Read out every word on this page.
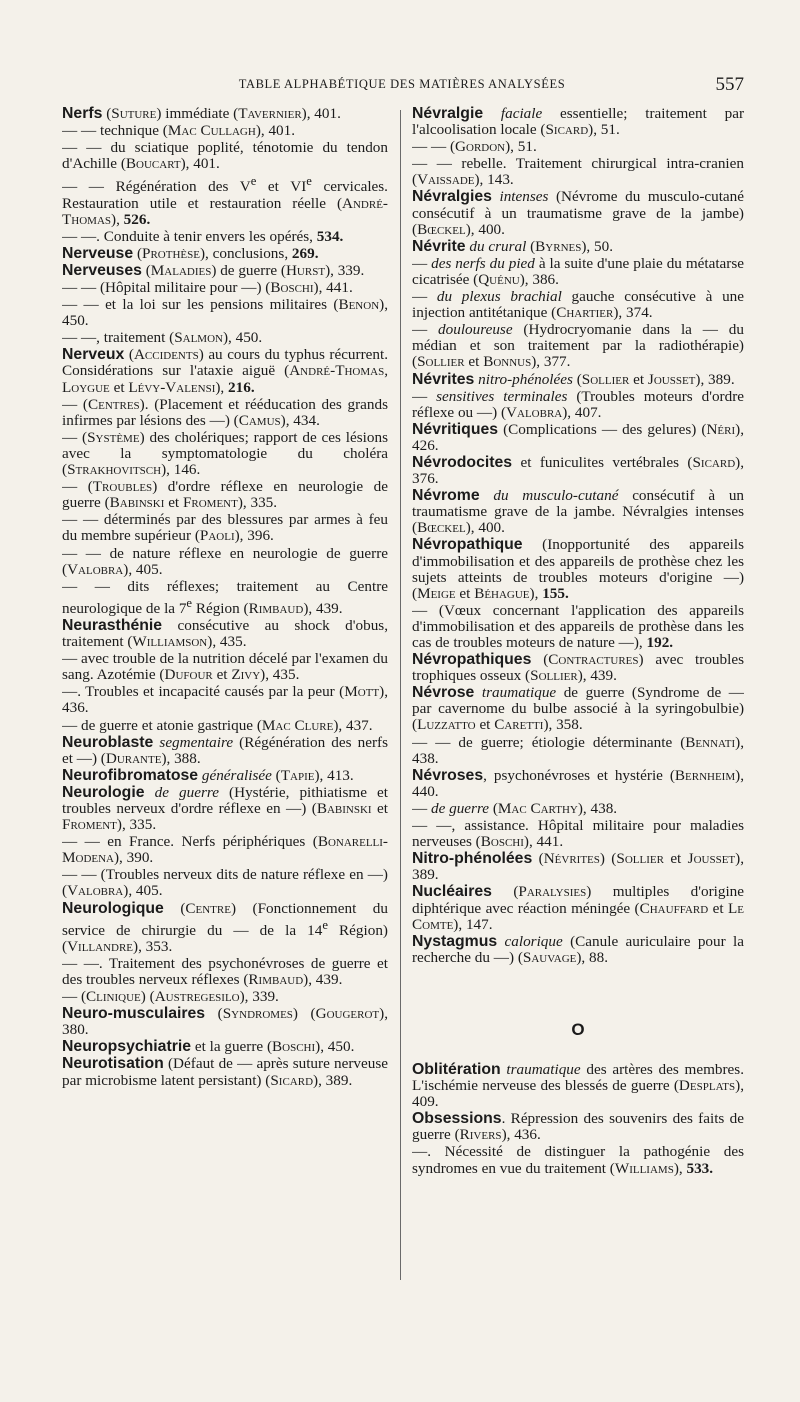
TABLE ALPHABÉTIQUE DES MATIÈRES ANALYSÉES	557
Nerfs (Suture) immédiate (Tavernier), 401.
— — technique (Mac Cullagh), 401.
— — du sciatique poplité, ténotomie du tendon d'Achille (Boucart), 401.
— — Régénération des Ve et VIe cervicales. Restauration utile et restauration réelle (André-Thomas), 526.
— —. Conduite à tenir envers les opérés, 534.
Nerveuse (Prothèse), conclusions, 269.
Nerveuses (Maladies) de guerre (Hurst), 339.
— — (Hôpital militaire pour —) (Boschi), 441.
— — et la loi sur les pensions militaires (Benon), 450.
— —, traitement (Salmon), 450.
Nerveux (Accidents) au cours du typhus récurrent. Considérations sur l'ataxie aiguë (André-Thomas, Loygue et Lévy-Valensi), 216.
— (Centres). (Placement et rééducation des grands infirmes par lésions des —) (Camus), 434.
— (Système) des cholériques; rapport de ces lésions avec la symptomatologie du choléra (Strakhovitsch), 146.
— (Troubles) d'ordre réflexe en neurologie de guerre (Babinski et Froment), 335.
— — déterminés par des blessures par armes à feu du membre supérieur (Paoli), 396.
— — de nature réflexe en neurologie de guerre (Valobra), 405.
— — dits réflexes; traitement au Centre neurologique de la 7e Région (Rimbaud), 439.
Neurasthénie consécutive au shock d'obus, traitement (Williamson), 435.
— avec trouble de la nutrition décelé par l'examen du sang. Azotémie (Dufour et Zivy), 435.
—. Troubles et incapacité causés par la peur (Mott), 436.
— de guerre et atonie gastrique (Mac Clure), 437.
Neuroblaste segmentaire (Régénération des nerfs et —) (Durante), 388.
Neurofibromatose généralisée (Tapie), 413.
Neurologie de guerre (Hystérie, pithiatisme et troubles nerveux d'ordre réflexe en —) (Babinski et Froment), 335.
— — en France. Nerfs périphériques (Bonarelli-Modena), 390.
— — (Troubles nerveux dits de nature réflexe en —) (Valobra), 405.
Neurologique (Centre) (Fonctionnement du service de chirurgie du — de la 14e Région) (Villandre), 353.
— —. Traitement des psychonévroses de guerre et des troubles nerveux réflexes (Rimbaud), 439.
— (Clinique) (Austregesilo), 339.
Neuro-musculaires (Syndromes) (Gougerot), 380.
Neuropsychiatrie et la guerre (Boschi), 450.
Neurotisation (Défaut de — après suture nerveuse par microbisme latent persistant) (Sicard), 389.
Névralgie faciale essentielle; traitement par l'alcoolisation locale (Sicard), 51.
— — (Gordon), 51.
— — rebelle. Traitement chirurgical intra-cranien (Vaissade), 143.
Névralgies intenses (Névrome du musculo-cutané consécutif à un traumatisme grave de la jambe) (Bœckel), 400.
Névrite du crural (Byrnes), 50.
— des nerfs du pied à la suite d'une plaie du métatarse cicatrisée (Quénu), 386.
— du plexus brachial gauche consécutive à une injection antitétanique (Chartier), 374.
— douloureuse (Hydrocryomanie dans la — du médian et son traitement par la radiothérapie) (Sollier et Bonnus), 377.
Névrites nitro-phénolées (Sollier et Jousset), 389.
— sensitives terminales (Troubles moteurs d'ordre réflexe ou —) (Valobra), 407.
Névritiques (Complications — des gelures) (Néri), 426.
Névrodocites et funiculites vertébrales (Sicard), 376.
Névrome du musculo-cutané consécutif à un traumatisme grave de la jambe. Névralgies intenses (Bœckel), 400.
Névropathique (Inopportunité des appareils d'immobilisation et des appareils de prothèse chez les sujets atteints de troubles moteurs d'origine —) (Meige et Béhague), 155.
— (Vœux concernant l'application des appareils d'immobilisation et des appareils de prothèse dans les cas de troubles moteurs de nature —), 192.
Névropathiques (Contractures) avec troubles trophiques osseux (Sollier), 439.
Névrose traumatique de guerre (Syndrome de — par cavernome du bulbe associé à la syringobulbie) (Luzzatto et Caretti), 358.
— — de guerre; étiologie déterminante (Bennati), 438.
Névroses, psychonévroses et hystérie (Bernheim), 440.
— de guerre (Mac Carthy), 438.
— —, assistance. Hôpital militaire pour maladies nerveuses (Boschi), 441.
Nitro-phénolées (Névrites) (Sollier et Jousset), 389.
Nucléaires (Paralysies) multiples d'origine diphtérique avec réaction méningée (Chauffard et Le Comte), 147.
Nystagmus calorique (Canule auriculaire pour la recherche du —) (Sauvage), 88.
O
Oblitération traumatique des artères des membres. L'ischémie nerveuse des blessés de guerre (Desplats), 409.
Obsessions. Répression des souvenirs des faits de guerre (Rivers), 436.
—. Nécessité de distinguer la pathogénie des syndromes en vue du traitement (Williams), 533.
